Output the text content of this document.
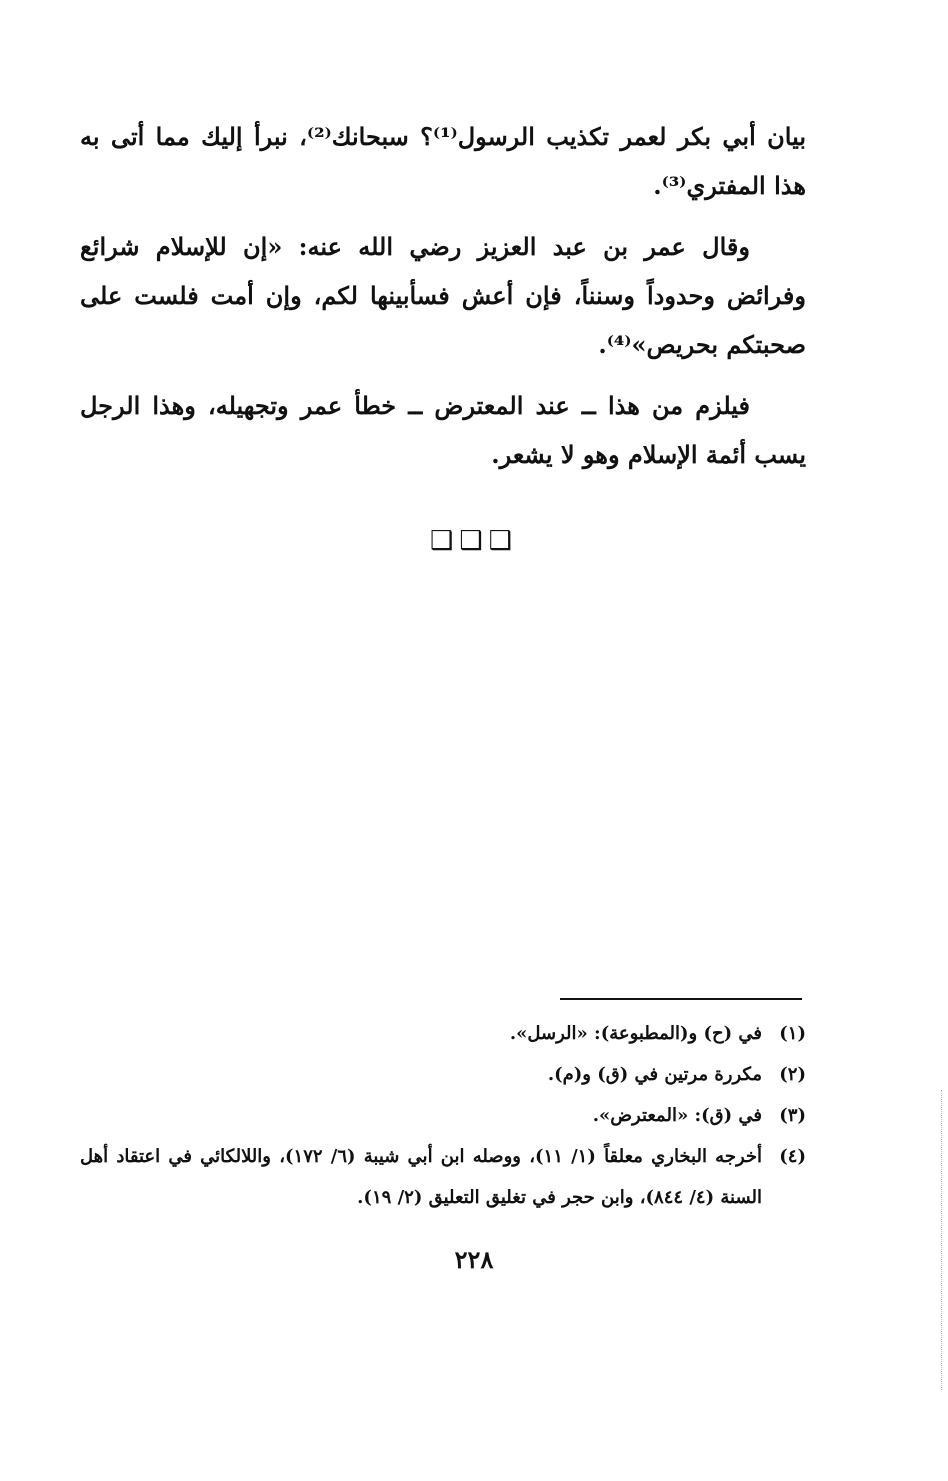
بيان أبي بكر لعمر تكذيب الرسول⁽¹⁾؟ سبحانك⁽²⁾، نبرأ إليك مما أتى به هذا المفتري⁽³⁾.

وقال عمر بن عبد العزيز رضي الله عنه: «إن للإسلام شرائع وفرائض وحدوداً وسنناً، فإن أعش فسأبينها لكم، وإن أمت فلست على صحبتكم بحريص»⁽⁴⁾.

فيلزم من هذا ــ عند المعترض ــ خطأ عمر وتجهيله، وهذا الرجل يسب أئمة الإسلام وهو لا يشعر.

❑❑❑
(١)
في (ح) و(المطبوعة): «الرسل».
(٢)
مكررة مرتين في (ق) و(م).
(٣)
في (ق): «المعترض».
(٤)
أخرجه البخاري معلقاً (١/ ١١)، ووصله ابن أبي شيبة (٦/ ١٧٢)، واللالكائي في اعتقاد أهل السنة (٤/ ٨٤٤)، وابن حجر في تغليق التعليق (٢/ ١٩).
٢٢٨
